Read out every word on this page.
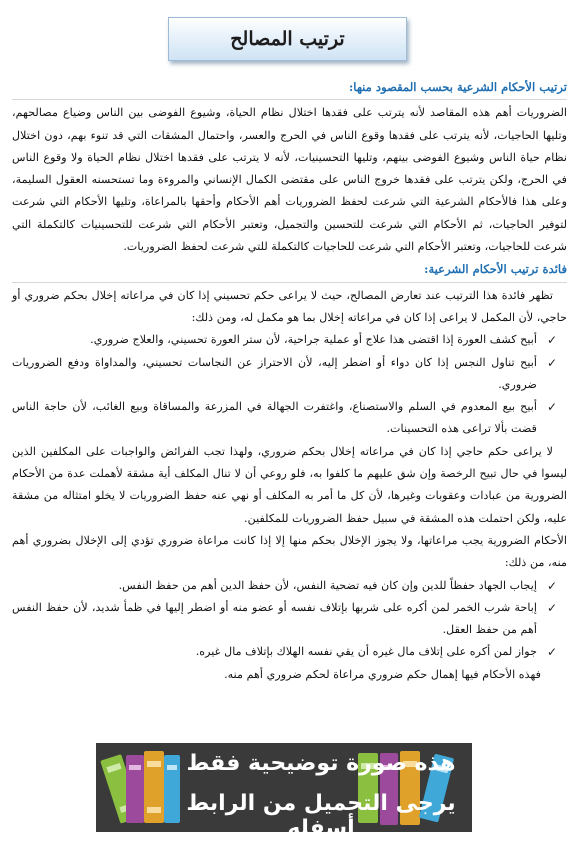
ترتيب المصالح
ترتيب الأحكام الشرعية بحسب المقصود منها:

الضروريات أهم هذه المقاصد لأنه يترتب على فقدها اختلال نظام الحياة، وشيوع الفوضى بين الناس وضياع مصالحهم، وتليها الحاجيات، لأنه يترتب على فقدها وقوع الناس في الحرج والعسر، واحتمال المشقات التي قد تنوء بهم، دون اختلال نظام حياة الناس وشيوع الفوضى بينهم، وتليها التحسينيات، لأنه لا يترتب على فقدها اختلال نظام الحياة ولا وقوع الناس في الحرج، ولكن يترتب على فقدها خروج الناس على مقتضى الكمال الإنساني والمروءة وما تستحسنه العقول السليمة، وعلى هذا فالأحكام الشرعية التي شرعت لحفظ الضروريات أهم الأحكام وأحقها بالمراعاة، وتليها الأحكام التي شرعت لتوفير الحاجيات، ثم الأحكام التي شرعت للتحسين والتجميل، وتعتبر الأحكام التي شرعت للتحسينيات كالتكملة التي شرعت للحاجيات، وتعتبر الأحكام التي شرعت للحاجيات كالتكملة للتي شرعت لحفظ الضروريات.

فائدة ترتيب الأحكام الشرعية:

تظهر فائدة هذا الترتيب عند تعارض المصالح، حيث لا يراعى حكم تحسيني إذا كان في مراعاته إخلال بحكم ضروري أو حاجي، لأن المكمل لا يراعى إذا كان في مراعاته إخلال بما هو مكمل له، ومن ذلك:

✓
أبيح كشف العورة إذا اقتضى هذا علاج أو عملية جراحية، لأن ستر العورة تحسيني، والعلاج ضروري.
✓
أبيح تناول النجس إذا كان دواء أو اضطر إليه، لأن الاحتراز عن النجاسات تحسيني، والمداواة ودفع الضروريات ضروري.
✓
أبيح بيع المعدوم في السلم والاستصناع، واغتفرت الجهالة في المزرعة والمساقاة وبيع الغائب، لأن حاجة الناس قضت بألا تراعى هذه التحسينات.

لا يراعى حكم حاجي إذا كان في مراعاته إخلال بحكم ضروري، ولهذا تجب الفرائض والواجبات على المكلفين الذين ليسوا في حال تبيح الرخصة وإن شق عليهم ما كلفوا به، فلو روعي أن لا تنال المكلف أية مشقة لأهملت عدة من الأحكام الضرورية من عبادات وعقوبات وغيرها، لأن كل ما أمر به المكلف أو نهي عنه حفظ الضروريات لا يخلو امتثاله من مشقة عليه، ولكن احتملت هذه المشقة في سبيل حفظ الضروريات للمكلفين.

الأحكام الضرورية يجب مراعاتها، ولا يجوز الإخلال بحكم منها إلا إذا كانت مراعاة ضروري تؤدي إلى الإخلال بضروري أهم منه، من ذلك:

✓
إيجاب الجهاد حفظاً للدين وإن كان فيه تضحية النفس، لأن حفظ الدين أهم من حفظ النفس.
✓
إباحة شرب الخمر لمن أكره على شربها بإتلاف نفسه أو عضو منه أو اضطر إليها في ظمأ شديد، لأن حفظ النفس أهم من حفظ العقل.
✓
جواز لمن أكره على إتلاف مال غيره أن يقي نفسه الهلاك بإتلاف مال غيره.

فهذه الأحكام فيها إهمال حكم ضروري مراعاة لحكم ضروري أهم منه.

هذه صورة توضيحية فقط
يرجى التحميل من الرابط أسفله
